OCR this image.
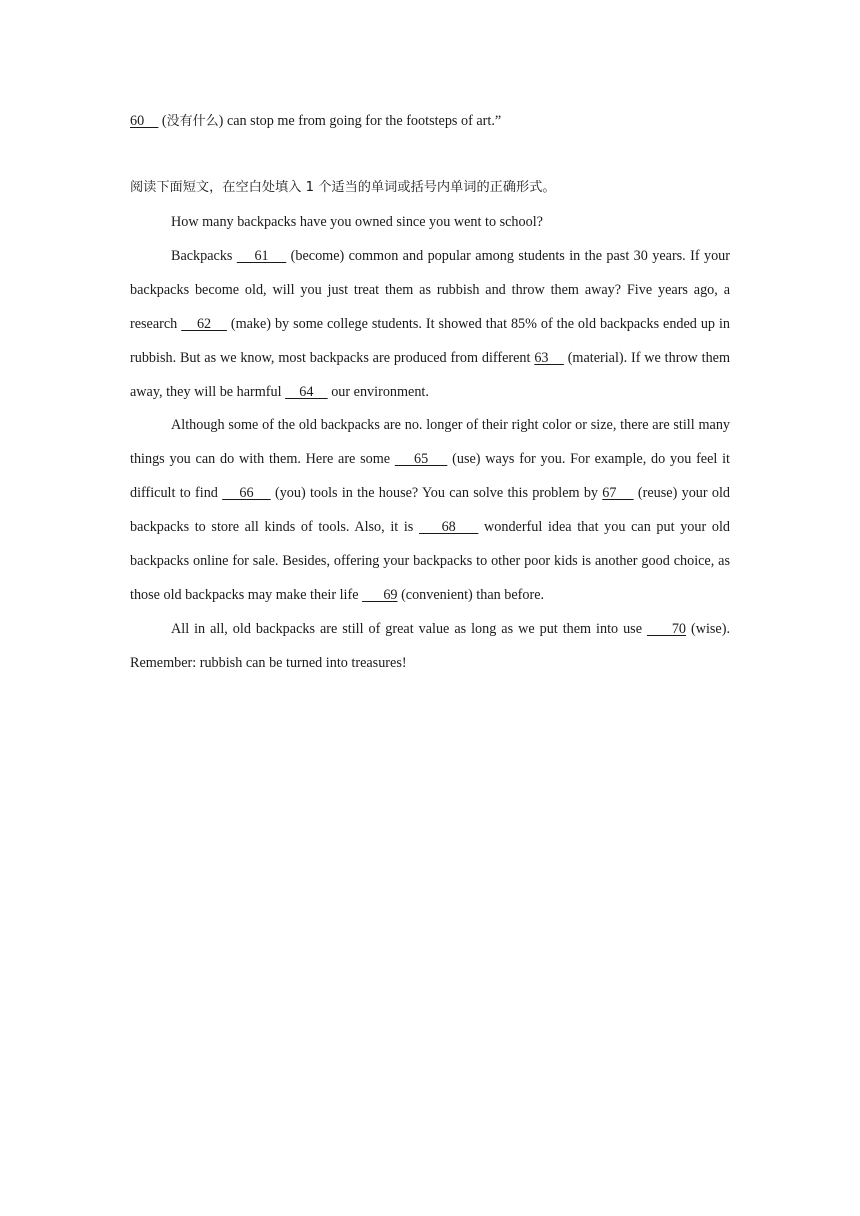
60     (没有什么) can stop me from going for the footsteps of art.”
阅读下面短文，在空白处填入 1 个适当的单词或括号内单词的正确形式。

How many backpacks have you owned since you went to school?

Backpacks     61     (become) common and popular among students in the past 30 years. If your backpacks become old, will you just treat them as rubbish and throw them away? Five years ago, a research     62     (make) by some college students. It showed that 85% of the old backpacks ended up in rubbish. But as we know, most backpacks are produced from different 63     (material). If we throw them away, they will be harmful     64     our environment.

Although some of the old backpacks are no. longer of their right color or size, there are still many things you can do with them. Here are some     65     (use) ways for you. For example, do you feel it difficult to find     66     (you) tools in the house? You can solve this problem by 67     (reuse) your old backpacks to store all kinds of tools. Also, it is     68     wonderful idea that you can put your old backpacks online for sale. Besides, offering your backpacks to other poor kids is another good choice, as those old backpacks may make their life       69 (convenient) than before.

All in all, old backpacks are still of great value as long as we put them into use      70 (wise). Remember: rubbish can be turned into treasures!
